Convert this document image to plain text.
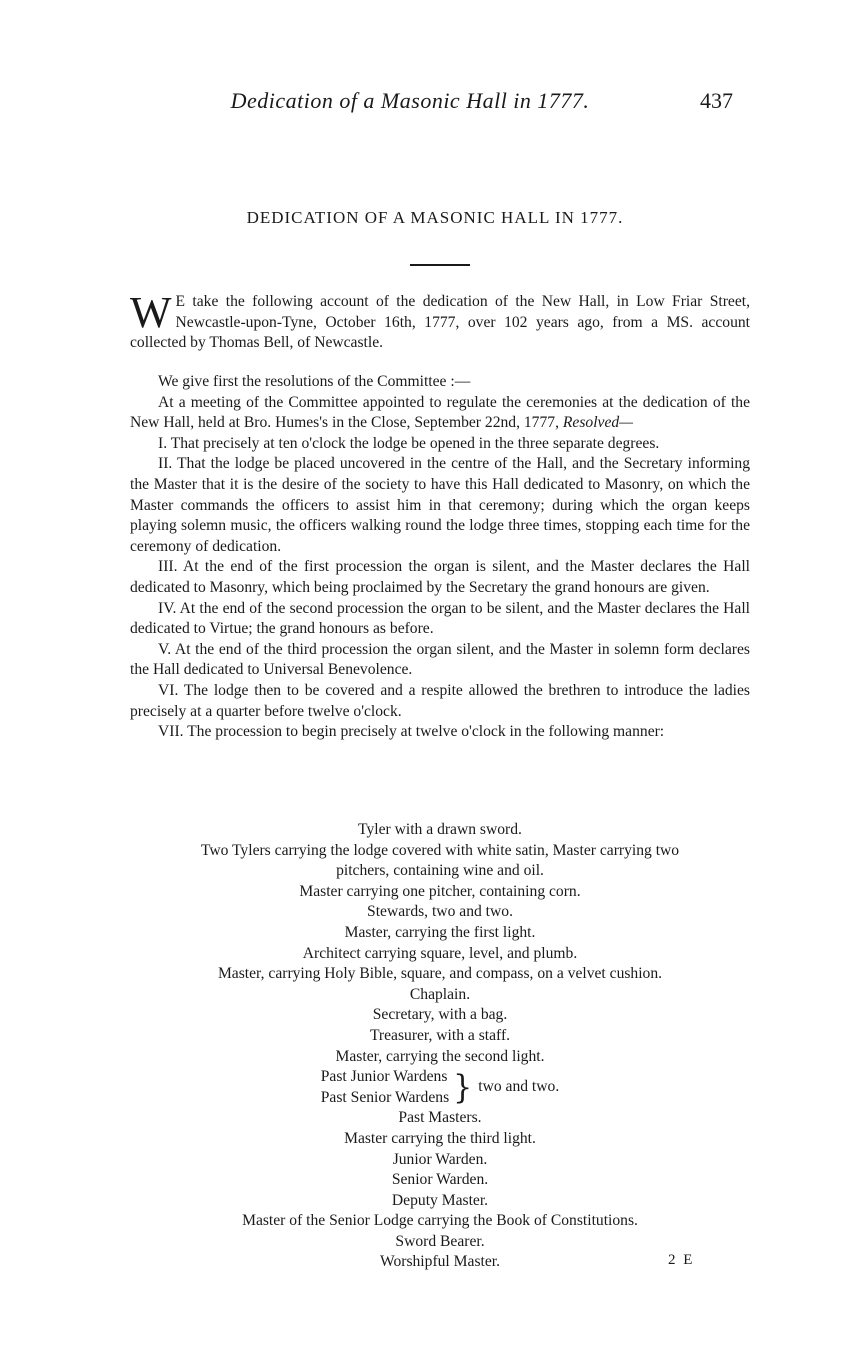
Dedication of a Masonic Hall in 1777.	437
DEDICATION OF A MASONIC HALL IN 1777.
W E take the following account of the dedication of the New Hall, in Low Friar Street, Newcastle-upon-Tyne, October 16th, 1777, over 102 years ago, from a MS. account collected by Thomas Bell, of Newcastle.

We give first the resolutions of the Committee :—

At a meeting of the Committee appointed to regulate the ceremonies at the dedication of the New Hall, held at Bro. Humes's in the Close, September 22nd, 1777, Resolved—

I. That precisely at ten o'clock the lodge be opened in the three separate degrees.

II. That the lodge be placed uncovered in the centre of the Hall, and the Secretary informing the Master that it is the desire of the society to have this Hall dedicated to Masonry, on which the Master commands the officers to assist him in that ceremony; during which the organ keeps playing solemn music, the officers walking round the lodge three times, stopping each time for the ceremony of dedication.

III. At the end of the first procession the organ is silent, and the Master declares the Hall dedicated to Masonry, which being proclaimed by the Secretary the grand honours are given.

IV. At the end of the second procession the organ to be silent, and the Master declares the Hall dedicated to Virtue; the grand honours as before.

V. At the end of the third procession the organ silent, and the Master in solemn form declares the Hall dedicated to Universal Benevolence.

VI. The lodge then to be covered and a respite allowed the brethren to introduce the ladies precisely at a quarter before twelve o'clock.

VII. The procession to begin precisely at twelve o'clock in the following manner:

Tyler with a drawn sword.

Two Tylers carrying the lodge covered with white satin, Master carrying two

pitchers, containing wine and oil.

Master carrying one pitcher, containing corn.

Stewards, two and two.

Master, carrying the first light.

Architect carrying square, level, and plumb.

Master, carrying Holy Bible, square, and compass, on a velvet cushion.

Chaplain.

Secretary, with a bag.

Treasurer, with a staff.

Master, carrying the second light.

Past Junior Wardens
Past Senior Wardens } two and two.

Past Masters.

Master carrying the third light.

Junior Warden.

Senior Warden.

Deputy Master.

Master of the Senior Lodge carrying the Book of Constitutions.

Sword Bearer.

Worshipful Master.	2 E
